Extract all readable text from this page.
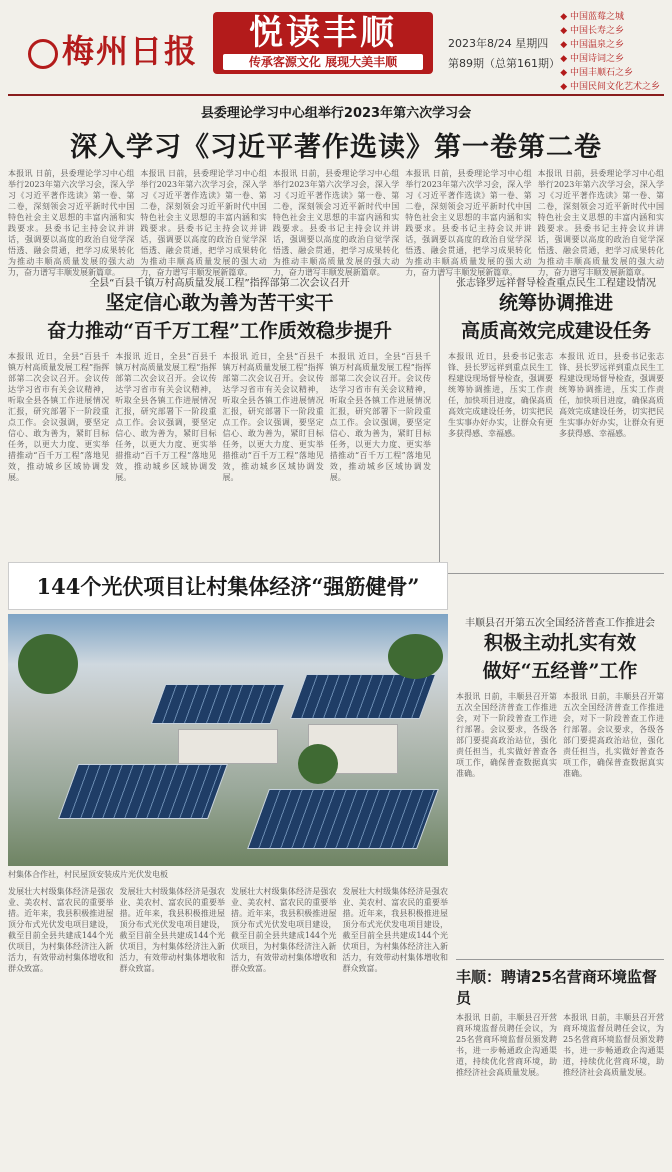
梅州日报	悦读丰顺
传承客源文化 展现大美丰顺
2023年8/24 星期四
第89期（总第161期）
◆ 中国蓝莓之城
◆ 中国长寿之乡
◆ 中国温泉之乡
◆ 中国诗词之乡
◆ 中国丰顺石之乡
◆ 中国民间文化艺术之乡
县委理论学习中心组举行2023年第六次学习会
深入学习《习近平著作选读》第一卷第二卷
本报讯 日前，县委理论学习中心组举行2023年第六次学习会，深入学习《习近平著作选读》第一卷、第二卷，深刻领会习近平新时代中国特色社会主义思想的丰富内涵和实践要求。县委书记主持会议并讲话，强调要以高度的政治自觉学深悟透、融会贯通，把学习成果转化为推动丰顺高质量发展的强大动力，奋力谱写丰顺发展新篇章。
本报讯 日前，县委理论学习中心组举行2023年第六次学习会，深入学习《习近平著作选读》第一卷、第二卷，深刻领会习近平新时代中国特色社会主义思想的丰富内涵和实践要求。县委书记主持会议并讲话，强调要以高度的政治自觉学深悟透、融会贯通，把学习成果转化为推动丰顺高质量发展的强大动力，奋力谱写丰顺发展新篇章。
本报讯 日前，县委理论学习中心组举行2023年第六次学习会，深入学习《习近平著作选读》第一卷、第二卷，深刻领会习近平新时代中国特色社会主义思想的丰富内涵和实践要求。县委书记主持会议并讲话，强调要以高度的政治自觉学深悟透、融会贯通，把学习成果转化为推动丰顺高质量发展的强大动力，奋力谱写丰顺发展新篇章。
本报讯 日前，县委理论学习中心组举行2023年第六次学习会，深入学习《习近平著作选读》第一卷、第二卷，深刻领会习近平新时代中国特色社会主义思想的丰富内涵和实践要求。县委书记主持会议并讲话，强调要以高度的政治自觉学深悟透、融会贯通，把学习成果转化为推动丰顺高质量发展的强大动力，奋力谱写丰顺发展新篇章。
本报讯 日前，县委理论学习中心组举行2023年第六次学习会，深入学习《习近平著作选读》第一卷、第二卷，深刻领会习近平新时代中国特色社会主义思想的丰富内涵和实践要求。县委书记主持会议并讲话，强调要以高度的政治自觉学深悟透、融会贯通，把学习成果转化为推动丰顺高质量发展的强大动力，奋力谱写丰顺发展新篇章。
全县“百县千镇万村高质量发展工程”指挥部第二次会议召开
坚定信心敢为善为苦干实干
奋力推动“百千万工程”工作质效稳步提升
本报讯 近日，全县“百县千镇万村高质量发展工程”指挥部第二次会议召开。会议传达学习省市有关会议精神，听取全县各镇工作进展情况汇报，研究部署下一阶段重点工作。会议强调，要坚定信心、敢为善为，紧盯目标任务，以更大力度、更实举措推动“百千万工程”落地见效，推动城乡区域协调发展。
本报讯 近日，全县“百县千镇万村高质量发展工程”指挥部第二次会议召开。会议传达学习省市有关会议精神，听取全县各镇工作进展情况汇报，研究部署下一阶段重点工作。会议强调，要坚定信心、敢为善为，紧盯目标任务，以更大力度、更实举措推动“百千万工程”落地见效，推动城乡区域协调发展。
本报讯 近日，全县“百县千镇万村高质量发展工程”指挥部第二次会议召开。会议传达学习省市有关会议精神，听取全县各镇工作进展情况汇报，研究部署下一阶段重点工作。会议强调，要坚定信心、敢为善为，紧盯目标任务，以更大力度、更实举措推动“百千万工程”落地见效，推动城乡区域协调发展。
本报讯 近日，全县“百县千镇万村高质量发展工程”指挥部第二次会议召开。会议传达学习省市有关会议精神，听取全县各镇工作进展情况汇报，研究部署下一阶段重点工作。会议强调，要坚定信心、敢为善为，紧盯目标任务，以更大力度、更实举措推动“百千万工程”落地见效，推动城乡区域协调发展。
张志锋罗远祥督导检查重点民生工程建设情况
统筹协调推进
高质高效完成建设任务
本报讯 近日，县委书记张志锋、县长罗远祥到重点民生工程建设现场督导检查，强调要统筹协调推进，压实工作责任，加快项目进度，确保高质高效完成建设任务，切实把民生实事办好办实，让群众有更多获得感、幸福感。
本报讯 近日，县委书记张志锋、县长罗远祥到重点民生工程建设现场督导检查，强调要统筹协调推进，压实工作责任，加快项目进度，确保高质高效完成建设任务，切实把民生实事办好办实，让群众有更多获得感、幸福感。
144个光伏项目让村集体经济“强筋健骨”
村集体合作社，村民屋顶安装成片光伏发电板
发展壮大村级集体经济是强农业、美农村、富农民的重要举措。近年来，我县积极推进屋顶分布式光伏发电项目建设，截至目前全县共建成144个光伏项目，为村集体经济注入新活力，有效带动村集体增收和群众致富。
发展壮大村级集体经济是强农业、美农村、富农民的重要举措。近年来，我县积极推进屋顶分布式光伏发电项目建设，截至目前全县共建成144个光伏项目，为村集体经济注入新活力，有效带动村集体增收和群众致富。
发展壮大村级集体经济是强农业、美农村、富农民的重要举措。近年来，我县积极推进屋顶分布式光伏发电项目建设，截至目前全县共建成144个光伏项目，为村集体经济注入新活力，有效带动村集体增收和群众致富。
发展壮大村级集体经济是强农业、美农村、富农民的重要举措。近年来，我县积极推进屋顶分布式光伏发电项目建设，截至目前全县共建成144个光伏项目，为村集体经济注入新活力，有效带动村集体增收和群众致富。
丰顺县召开第五次全国经济普查工作推进会
积极主动扎实有效
做好“五经普”工作
本报讯 日前，丰顺县召开第五次全国经济普查工作推进会，对下一阶段普查工作进行部署。会议要求，各级各部门要提高政治站位，强化责任担当，扎实做好普查各项工作，确保普查数据真实准确。
本报讯 日前，丰顺县召开第五次全国经济普查工作推进会，对下一阶段普查工作进行部署。会议要求，各级各部门要提高政治站位，强化责任担当，扎实做好普查各项工作，确保普查数据真实准确。
丰顺：聘请25名营商环境监督员
本报讯 日前，丰顺县召开营商环境监督员聘任会议，为25名营商环境监督员颁发聘书，进一步畅通政企沟通渠道，持续优化营商环境，助推经济社会高质量发展。
本报讯 日前，丰顺县召开营商环境监督员聘任会议，为25名营商环境监督员颁发聘书，进一步畅通政企沟通渠道，持续优化营商环境，助推经济社会高质量发展。
